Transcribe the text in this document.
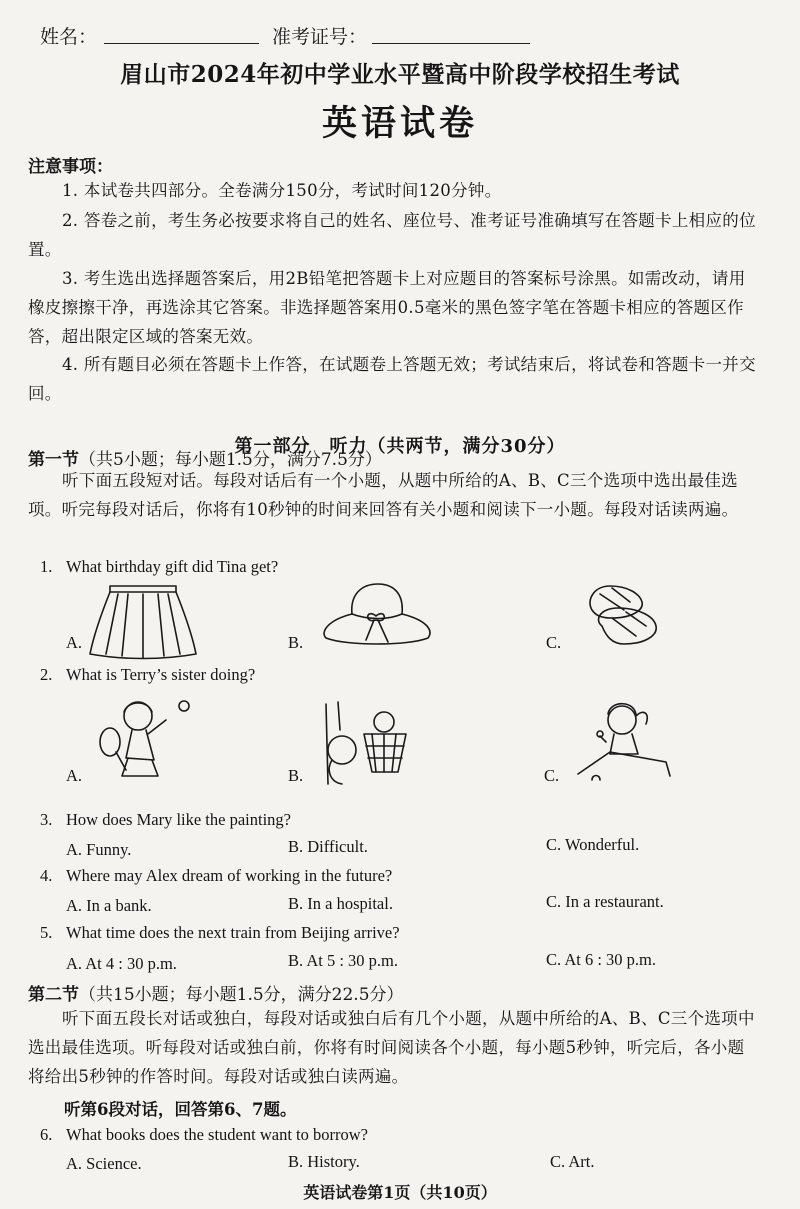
姓名：	准考证号：
眉山市2024年初中学业水平暨高中阶段学校招生考试
英语试卷
注意事项：
1. 本试卷共四部分。全卷满分150分，考试时间120分钟。
2. 答卷之前，考生务必按要求将自己的姓名、座位号、准考证号准确填写在答题卡上相应的位置。
3. 考生选出选择题答案后，用2B铅笔把答题卡上对应题目的答案标号涂黑。如需改动，请用橡皮擦擦干净，再选涂其它答案。非选择题答案用0.5毫米的黑色签字笔在答题卡相应的答题区作答，超出限定区域的答案无效。
4. 所有题目必须在答题卡上作答，在试题卷上答题无效；考试结束后，将试卷和答题卡一并交回。
第一部分　听力（共两节，满分30分）
第一节（共5小题；每小题1.5分，满分7.5分）
听下面五段短对话。每段对话后有一个小题，从题中所给的A、B、C三个选项中选出最佳选项。听完每段对话后，你将有10秒钟的时间来回答有关小题和阅读下一小题。每段对话读两遍。
1. What birthday gift did Tina get?
A.	B.	C.
2. What is Terry’s sister doing?
A.	B.	C.
3. How does Mary like the painting?
A. Funny.	B. Difficult.	C. Wonderful.
4. Where may Alex dream of working in the future?
A. In a bank.	B. In a hospital.	C. In a restaurant.
5. What time does the next train from Beijing arrive?
A. At 4 : 30 p.m.	B. At 5 : 30 p.m.	C. At 6 : 30 p.m.
第二节（共15小题；每小题1.5分，满分22.5分）
听下面五段长对话或独白，每段对话或独白后有几个小题，从题中所给的A、B、C三个选项中选出最佳选项。听每段对话或独白前，你将有时间阅读各个小题，每小题5秒钟，听完后，各小题将给出5秒钟的作答时间。每段对话或独白读两遍。
听第6段对话，回答第6、7题。
6. What books does the student want to borrow?
A. Science.	B. History.	C. Art.
英语试卷第1页（共10页）
